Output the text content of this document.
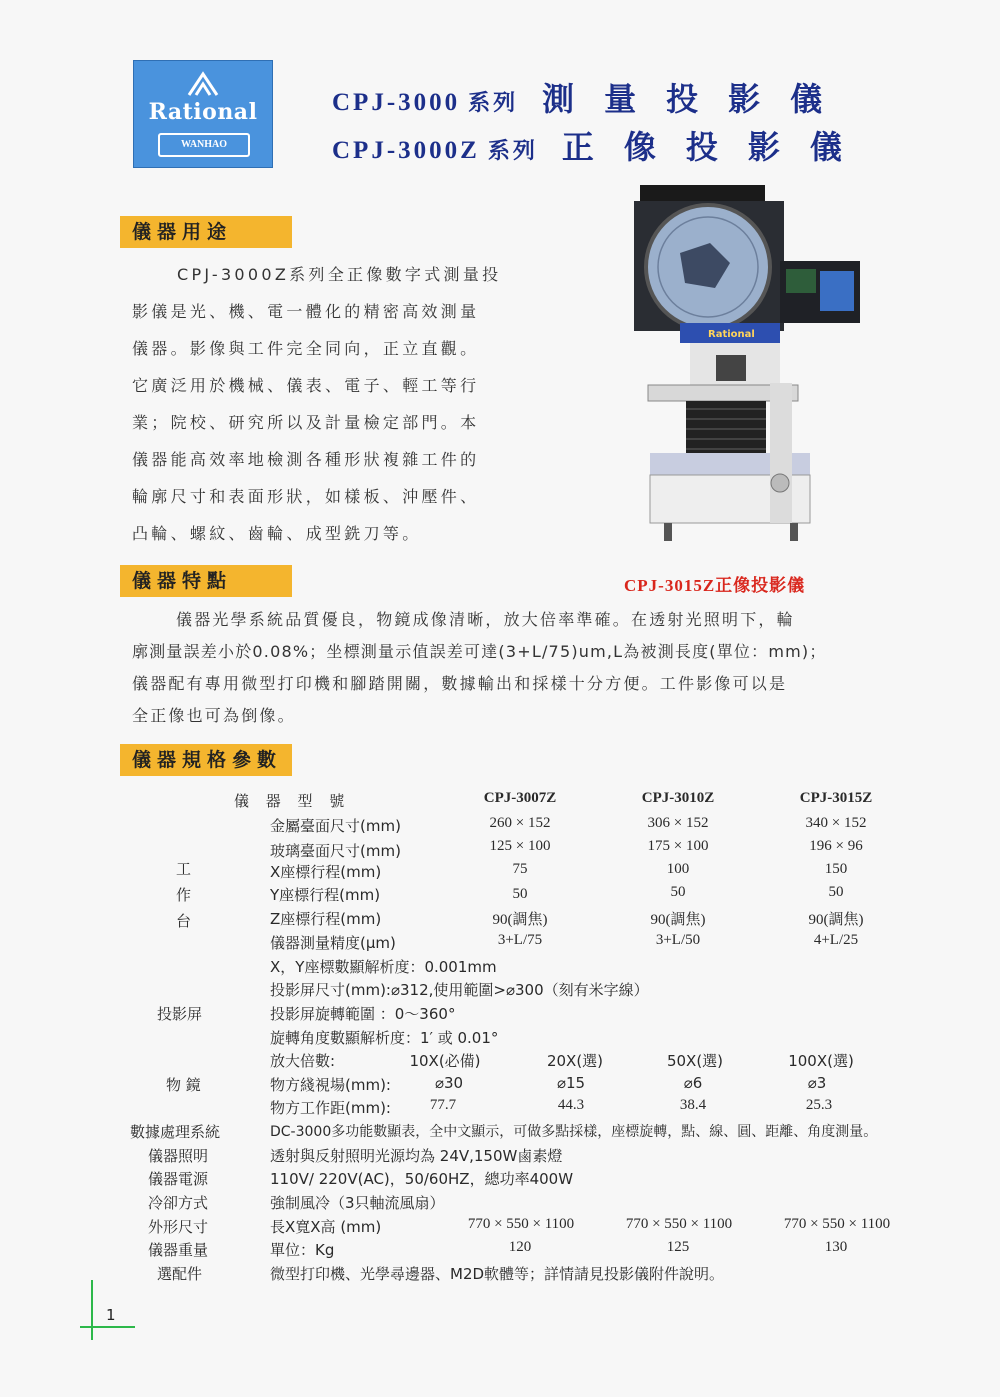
Rational
WANHAO
CPJ-3000 系列 測量投影儀
CPJ-3000Z 系列 正像投影儀
儀器用途
CPJ-3000Z系列全正像數字式測量投
影儀是光、機、電一體化的精密高效測量
儀器。影像與工件完全同向，正立直觀。
它廣泛用於機械、儀表、電子、輕工等行
業；院校、研究所以及計量檢定部門。本
儀器能高效率地檢測各種形狀複雜工件的
輪廓尺寸和表面形狀，如樣板、沖壓件、
凸輪、螺紋、齒輪、成型銑刀等。
Rational
CPJ-3015Z正像投影儀
儀器特點
儀器光學系統品質優良，物鏡成像清晰，放大倍率準確。在透射光照明下，輪
廓測量誤差小於0.08%；坐標測量示值誤差可達(3+L/75)um,L為被測長度(單位：mm)；
儀器配有專用微型打印機和腳踏開關，數據輸出和採樣十分方便。工件影像可以是
全正像也可為倒像。
儀器規格參數
儀 器 型 號	CPJ-3007Z	CPJ-3010Z	CPJ-3015Z
工
作
台
金屬臺面尺寸(mm)	260 × 152	306 × 152	340 × 152
玻璃臺面尺寸(mm)	125 × 100	175 × 100	196 × 96
X座標行程(mm)	75	100	150
Y座標行程(mm)	50	50	50
Z座標行程(mm)	90(調焦)	90(調焦)	90(調焦)
儀器測量精度(μm)	3+L/75	3+L/50	4+L/25
X，Y座標數顯解析度：0.001mm
投影屏
投影屏尺寸(mm):⌀312,使用範圍>⌀300（刻有米字線）
投影屏旋轉範圍 ：0～360°
旋轉角度數顯解析度：1′ 或 0.01°
物 鏡
放大倍數:	10X(必備)	20X(選)	50X(選)	100X(選)
物方綫視場(mm):	⌀30	⌀15	⌀6	⌀3
物方工作距(mm):	77.7	44.3	38.4	25.3
數據處理系統	DC-3000多功能數顯表，全中文顯示，可做多點採樣，座標旋轉，點、線、圓、距離、角度測量。
儀器照明	透射與反射照明光源均為 24V,150W鹵素燈
儀器電源	110V/ 220V(AC)，50/60HZ，總功率400W
冷卻方式	強制風冷（3只軸流風扇）
外形尺寸	長X寬X高 (mm)	770 × 550 × 1100	770 × 550 × 1100	770 × 550 × 1100
儀器重量	單位：Kg	120	125	130
選配件	微型打印機、光學尋邊器、M2D軟體等；詳情請見投影儀附件說明。
1
